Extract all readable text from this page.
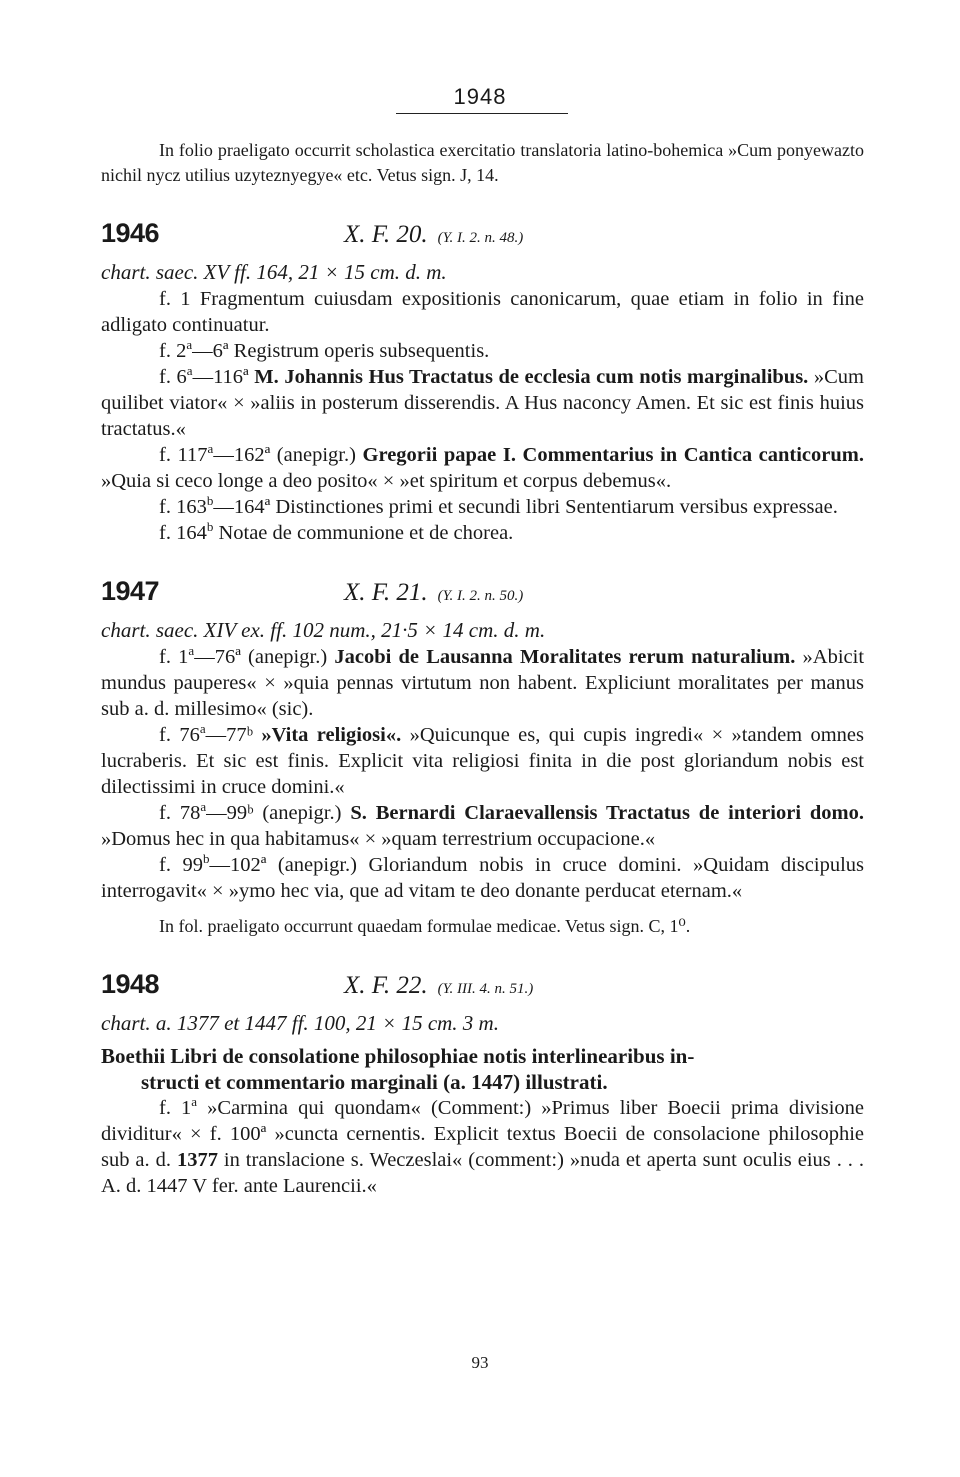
1948

In folio praeligato occurrit scholastica exercitatio translatoria latino-bohemica »Cum ponyewazto nichil nycz utilius uzyteznyegye« etc. Vetus sign. J, 14.

1946	X. F. 20. (Y. I. 2. n. 48.)

chart. saec. XV ff. 164, 21 × 15 cm. d. m.

f. 1 Fragmentum cuiusdam expositionis canonicarum, quae etiam in folio in fine adligato continuatur.

f. 2$^a$—6ª Registrum operis subsequentis.

f. 6$^a$—116ª M. Johannis Hus Tractatus de ecclesia cum notis marginalibus. »Cum quilibet viator« × »aliis in posterum disserendis. A Hus naconcy Amen. Et sic est finis huius tractatus.«

f. 117$^a$—162ª (anepigr.) Gregorii papae I. Commentarius in Cantica canticorum. »Quia si ceco longe a deo posito« × »et spiritum et corpus debemus«.

f. 163$^b$—164ª Distinctiones primi et secundi libri Sententiarum versibus expressae.

f. 164$^b$ Notae de communione et de chorea.

1947	X. F. 21. (Y. I. 2. n. 50.)

chart. saec. XIV ex. ff. 102 num., 21·5 × 14 cm. d. m.

f. 1$^a$—76ª (anepigr.) Jacobi de Lausanna Moralitates rerum naturalium. »Abicit mundus pauperes« × »quia pennas virtutum non habent. Expliciunt moralitates per manus sub a. d. millesimo« (sic).

f. 76$^a$—77ᵇ »Vita religiosi«. »Quicunque es, qui cupis ingredi« × »tandem omnes lucraberis. Et sic est finis. Explicit vita religiosi finita in die post gloriandum nobis est dilectissimi in cruce domini.«

f. 78$^a$—99ᵇ (anepigr.) S. Bernardi Claraevallensis Tractatus de interiori domo. »Domus hec in qua habitamus« × »quam terrestrium occupacione.«

f. 99$^b$—102ª (anepigr.) Gloriandum nobis in cruce domini. »Quidam discipulus interrogavit« × »ymo hec via, que ad vitam te deo donante perducat eternam.«

In fol. praeligato occurrunt quaedam formulae medicae. Vetus sign. C, 1⁰.

1948	X. F. 22. (Y. III. 4. n. 51.)

chart. a. 1377 et 1447 ff. 100, 21 × 15 cm. 3 m.

Boethii Libri de consolatione philosophiae notis interlinearibus in-
structi et commentario marginali (a. 1447) illustrati.

f. 1$^a$ »Carmina qui quondam« (Comment:) »Primus liber Boecii prima divisione dividitur« × f. 100ª »cuncta cernentis. Explicit textus Boecii de consolacione philosophie sub a. d. 1377 in translacione s. Weczeslai« (comment:) »nuda et aperta sunt oculis eius . . . A. d. 1447 V fer. ante Laurencii.«

93
